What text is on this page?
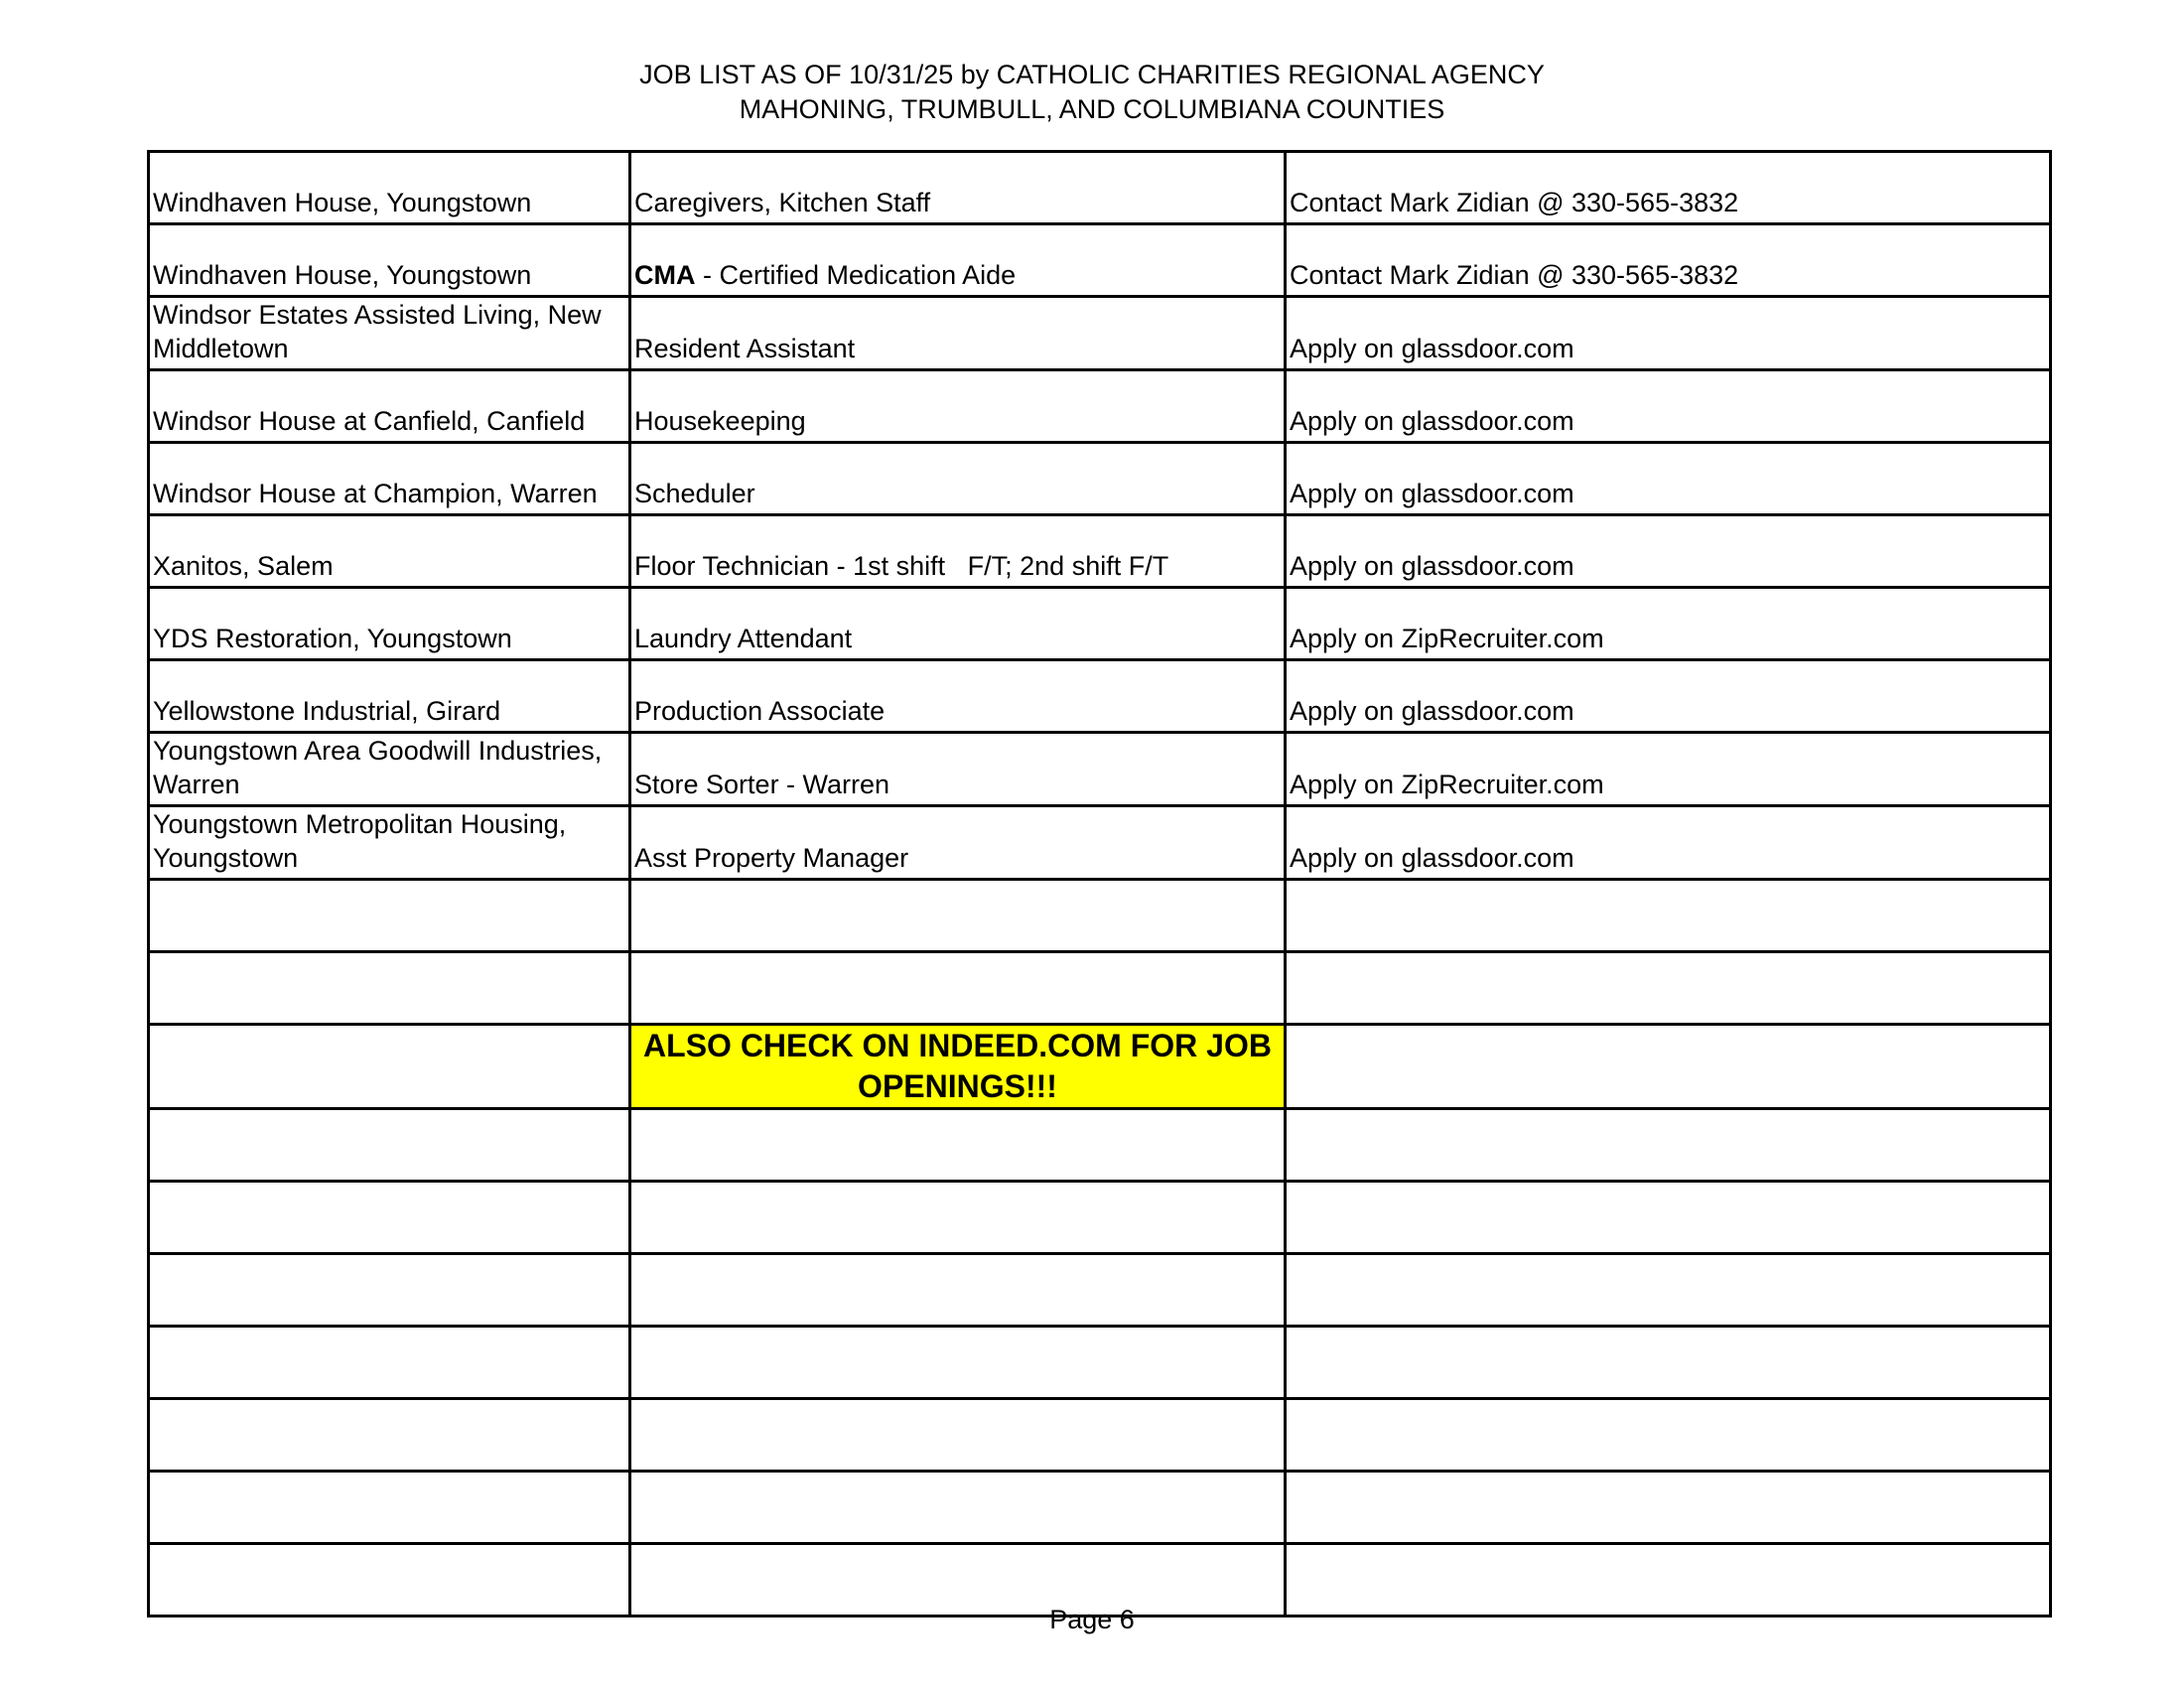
JOB LIST AS OF 10/31/25 by CATHOLIC CHARITIES REGIONAL AGENCY
MAHONING, TRUMBULL, AND COLUMBIANA COUNTIES
Windhaven House, Youngstown	Caregivers, Kitchen Staff	Contact Mark Zidian @ 330-565-3832
Windhaven House, Youngstown	CMA - Certified Medication Aide	Contact Mark Zidian @ 330-565-3832
Windsor Estates Assisted Living, New Middletown	Resident Assistant	Apply on glassdoor.com
Windsor House at Canfield, Canfield	Housekeeping	Apply on glassdoor.com
Windsor House at Champion, Warren	Scheduler	Apply on glassdoor.com
Xanitos, Salem	Floor Technician - 1st shift   F/T; 2nd shift F/T	Apply on glassdoor.com
YDS Restoration, Youngstown	Laundry Attendant	Apply on ZipRecruiter.com
Yellowstone Industrial, Girard	Production Associate	Apply on glassdoor.com
Youngstown Area Goodwill Industries, Warren	Store Sorter - Warren	Apply on ZipRecruiter.com
Youngstown Metropolitan Housing, Youngstown	Asst Property Manager	Apply on glassdoor.com

	ALSO CHECK ON INDEED.COM FOR JOB OPENINGS!!!	

Page 6
